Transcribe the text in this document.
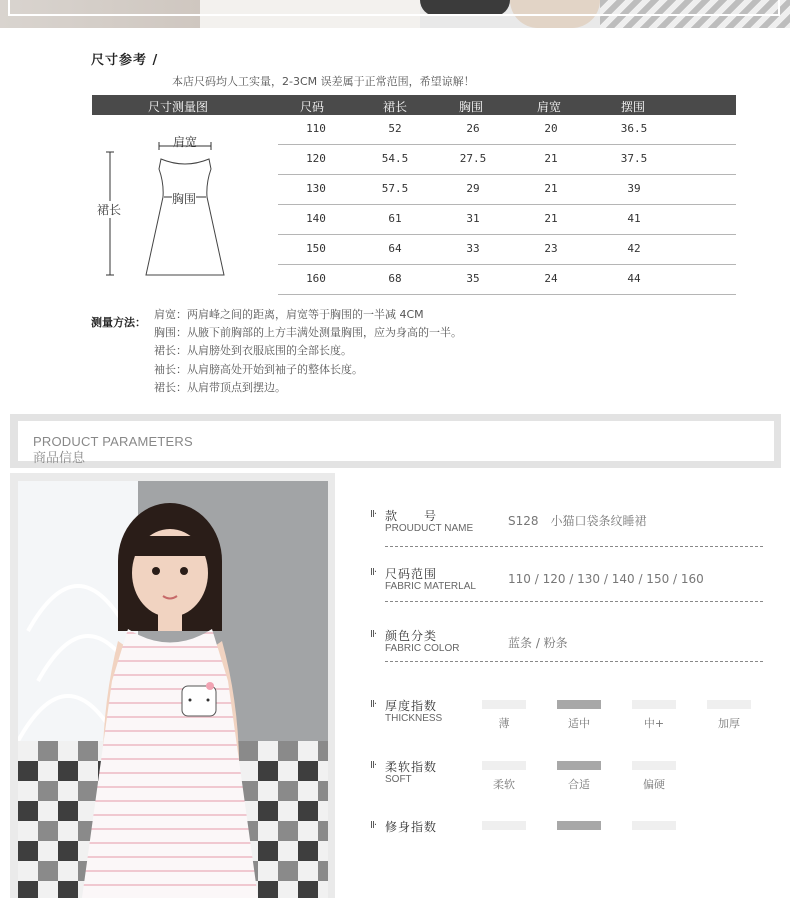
尺寸参考 /
本店尺码均人工实量，2-3CM 误差属于正常范围，希望谅解！
尺寸测量图	尺码	裙长	胸围	肩宽	摆围
肩宽
胸围
裙长
110	52	26	20	36.5
120	54.5	27.5	21	37.5
130	57.5	29	21	39
140	61	31	21	41
150	64	33	23	42
160	68	35	24	44
测量方法：
肩宽：两肩峰之间的距离，肩宽等于胸围的一半减 4CM
胸围：从腋下前胸部的上方丰满处测量胸围，应为身高的一半。
裙长：从肩膀处到衣服底围的全部长度。
袖长：从肩膀高处开始到袖子的整体长度。
裙长：从肩带顶点到摆边。
PRODUCT PARAMETERS
商品信息
II· 款　　号
PROUDUCT NAME
S128　小猫口袋条纹睡裙
II· 尺码范围
FABRIC MATERLAL
110 / 120 / 130 / 140 / 150 / 160
II· 颜色分类
FABRIC COLOR	蓝条 / 粉条
II· 厚度指数
THICKNESS	薄	适中	中+	加厚
II· 柔软指数
SOFT	柔软	合适	偏硬
II· 修身指数
